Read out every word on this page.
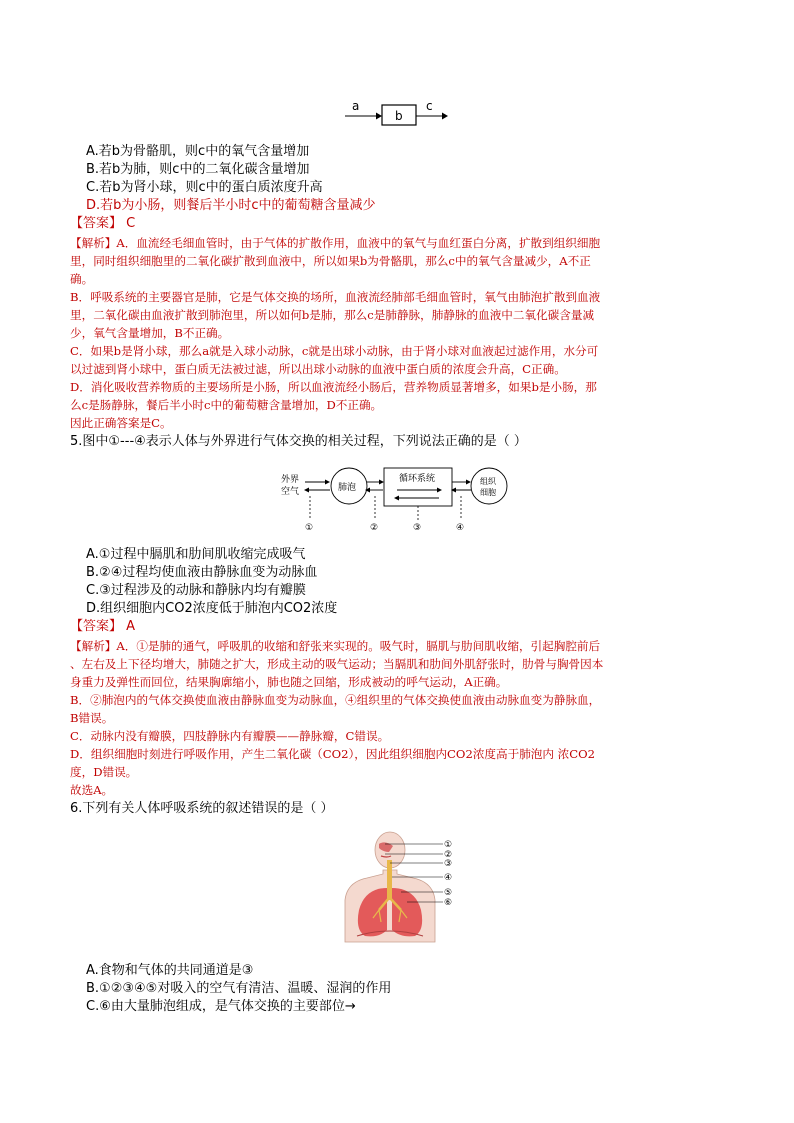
a
b
c
A.若b为骨骼肌，则c中的氧气含量增加
B.若b为肺，则c中的二氧化碳含量增加
C.若b为肾小球，则c中的蛋白质浓度升高
D.若b为小肠，则餐后半小时c中的葡萄糖含量减少
【答案】 C
【解析】A．血流经毛细血管时，由于气体的扩散作用，血液中的氧气与血红蛋白分离，扩散到组织细胞
里，同时组织细胞里的二氧化碳扩散到血液中，所以如果b为骨骼肌，那么c中的氧气含量减少，A不正
确。
B．呼吸系统的主要器官是肺，它是气体交换的场所，血液流经肺部毛细血管时，氧气由肺泡扩散到血液
里，二氧化碳由血液扩散到肺泡里，所以如何b是肺，那么c是肺静脉，肺静脉的血液中二氧化碳含量减
少，氧气含量增加，B不正确。
C．如果b是肾小球，那么a就是入球小动脉，c就是出球小动脉，由于肾小球对血液起过滤作用，水分可
以过滤到肾小球中，蛋白质无法被过滤，所以出球小动脉的血液中蛋白质的浓度会升高，C正确。
D．消化吸收营养物质的主要场所是小肠，所以血液流经小肠后，营养物质显著增多，如果b是小肠，那
么c是肠静脉，餐后半小时c中的葡萄糖含量增加，D不正确。
因此正确答案是C。
5.图中①---④表示人体与外界进行气体交换的相关过程，下列说法正确的是（ ）
外界
空气	肺泡
循环系统	组织
细胞
①	②	③	④
A.①过程中膈肌和肋间肌收缩完成吸气
B.②④过程均使血液由静脉血变为动脉血
C.③过程涉及的动脉和静脉内均有瓣膜
D.组织细胞内CO2浓度低于肺泡内CO2浓度
【答案】 A
【解析】A．①是肺的通气，呼吸肌的收缩和舒张来实现的。吸气时，膈肌与肋间肌收缩，引起胸腔前后
、左右及上下径均增大，肺随之扩大，形成主动的吸气运动；当膈肌和肋间外肌舒张时，肋骨与胸骨因本
身重力及弹性而回位，结果胸廓缩小，肺也随之回缩，形成被动的呼气运动，A正确。
B．②肺泡内的气体交换使血液由静脉血变为动脉血，④组织里的气体交换使血液由动脉血变为静脉血，
B错误。
C．动脉内没有瓣膜，四肢静脉内有瓣膜——静脉瓣，C错误。
D．组织细胞时刻进行呼吸作用，产生二氧化碳（CO2），因此组织细胞内CO2浓度高于肺泡内 浓CO2
度，D错误。
故选A。
6.下列有关人体呼吸系统的叙述错误的是（ ）
①
②
③
④
⑤
⑥
A.食物和气体的共同通道是③
B.①②③④⑤对吸入的空气有清洁、温暖、湿润的作用
C.⑥由大量肺泡组成，是气体交换的主要部位→
